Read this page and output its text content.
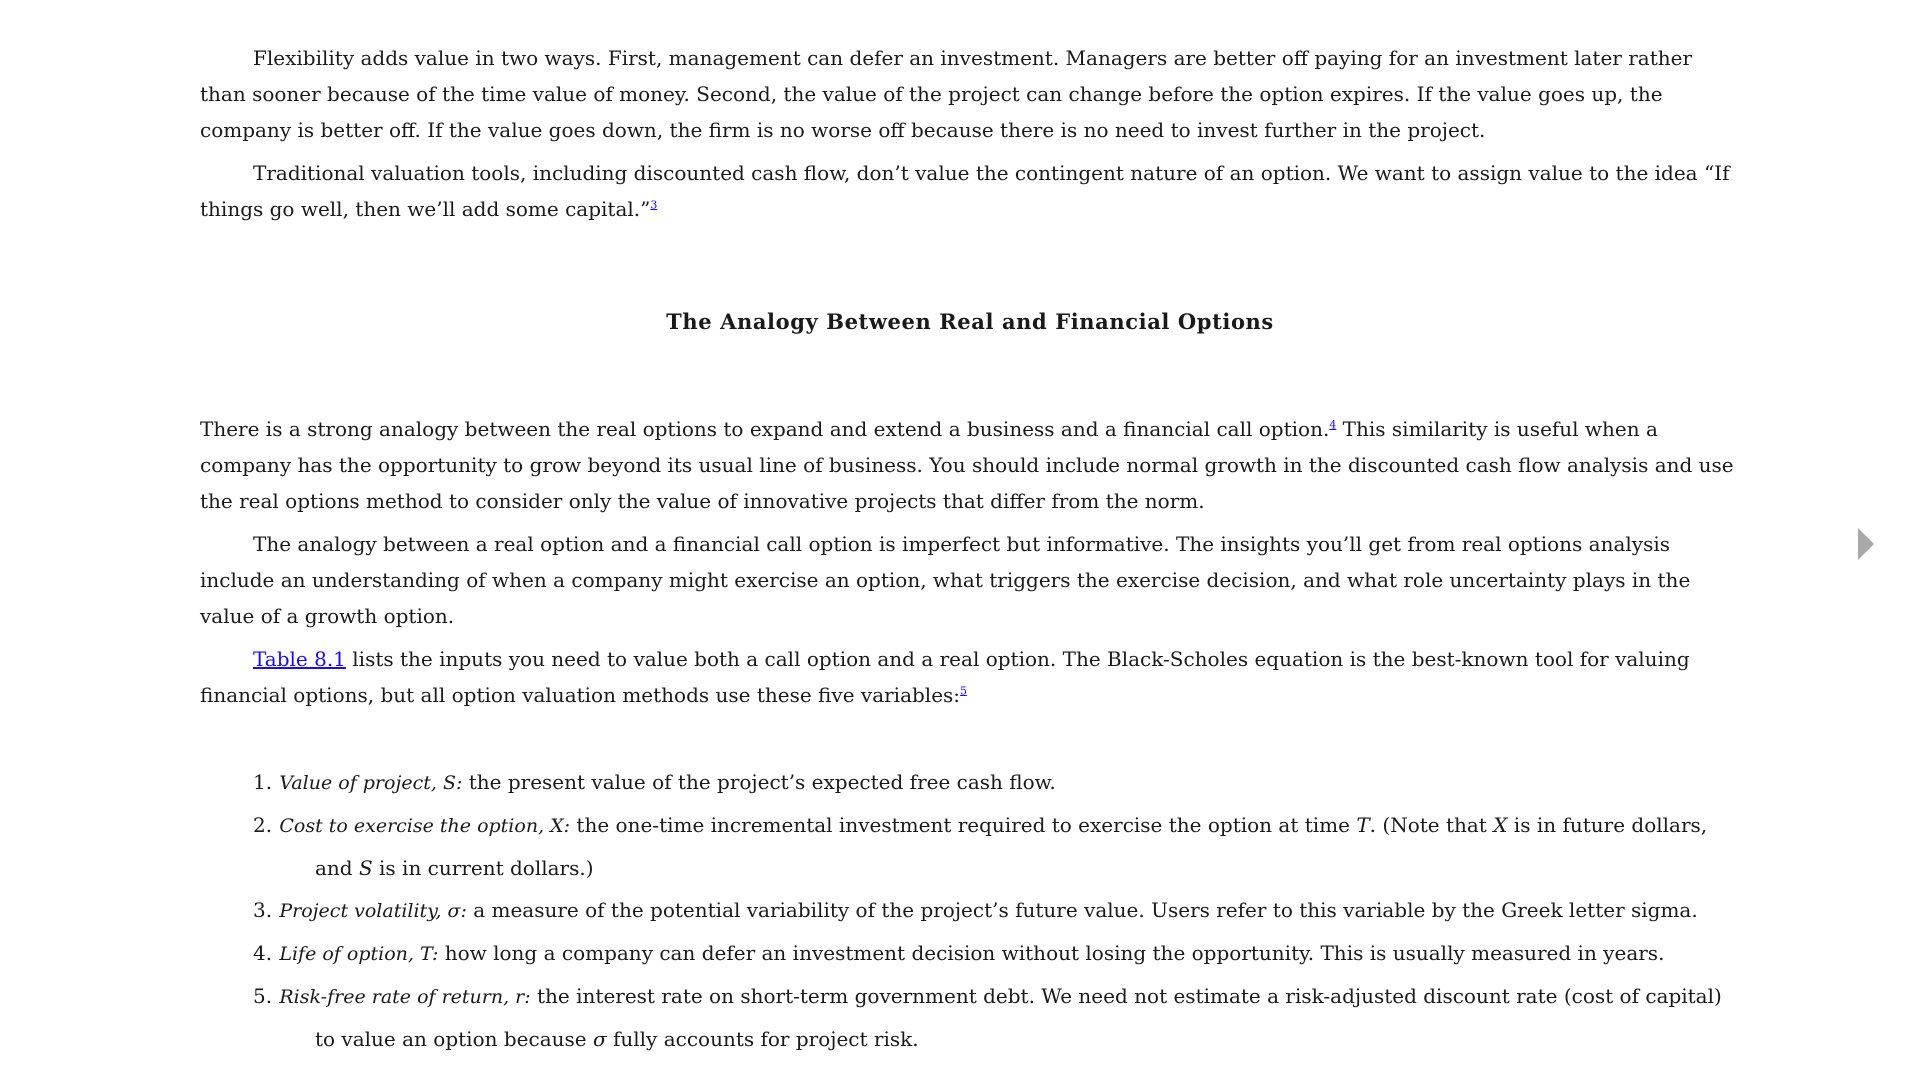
Flexibility adds value in two ways. First, management can defer an investment. Managers are better off paying for an investment later rather than sooner because of the time value of money. Second, the value of the project can change before the option expires. If the value goes up, the company is better off. If the value goes down, the firm is no worse off because there is no need to invest further in the project.

Traditional valuation tools, including discounted cash flow, don’t value the contingent nature of an option. We want to assign value to the idea “If things go well, then we’ll add some capital.”$^3$

The Analogy Between Real and Financial Options

There is a strong analogy between the real options to expand and extend a business and a financial call option.$^4$ This similarity is useful when a company has the opportunity to grow beyond its usual line of business. You should include normal growth in the discounted cash flow analysis and use the real options method to consider only the value of innovative projects that differ from the norm.

The analogy between a real option and a financial call option is imperfect but informative. The insights you’ll get from real options analysis include an understanding of when a company might exercise an option, what triggers the exercise decision, and what role uncertainty plays in the value of a growth option.

Table 8.1 lists the inputs you need to value both a call option and a real option. The Black-Scholes equation is the best-known tool for valuing financial options, but all option valuation methods use these five variables:$^5$

1. Value of project, S: the present value of the project’s expected free cash flow.
2. Cost to exercise the option, X: the one-time incremental investment required to exercise the option at time T. (Note that X is in future dollars, and S is in current dollars.)
3. Project volatility, σ: a measure of the potential variability of the project’s future value. Users refer to this variable by the Greek letter sigma.
4. Life of option, T: how long a company can defer an investment decision without losing the opportunity. This is usually measured in years.
5. Risk-free rate of return, r: the interest rate on short-term government debt. We need not estimate a risk-adjusted discount rate (cost of capital) to value an option because σ fully accounts for project risk.
